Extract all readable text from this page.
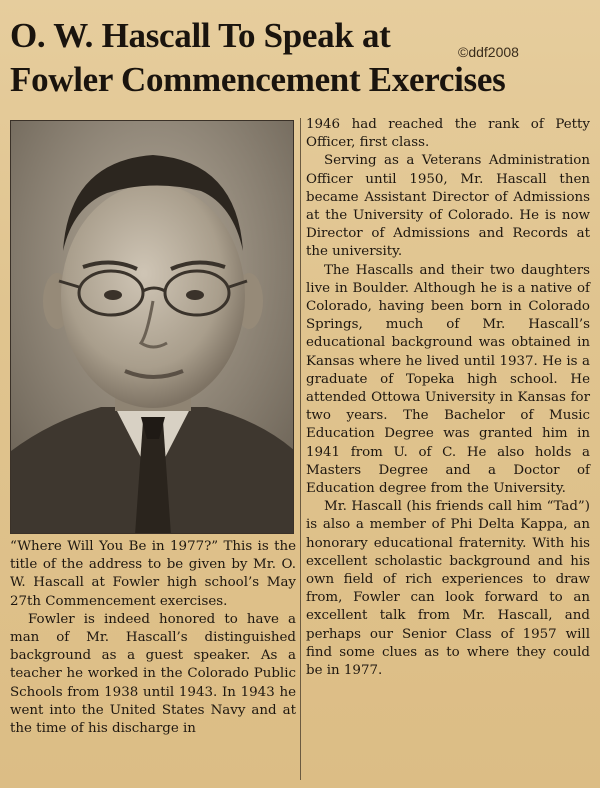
O. W. Hascall To Speak at
Fowler Commencement Exercises
©ddf2008

“Where Will You Be in 1977?” This is the title of the address to be given by Mr. O. W. Hascall at Fowler high school’s May 27th Commencement exercises.

Fowler is indeed honored to have a man of Mr. Hascall’s distinguished background as a guest speaker. As a teacher he worked in the Colorado Public Schools from 1938 until 1943. In 1943 he went into the United States Navy and at the time of his discharge in

1946 had reached the rank of Petty Officer, first class.

Serving as a Veterans Administration Officer until 1950, Mr. Hascall then became Assistant Director of Admissions at the University of Colorado. He is now Director of Admissions and Records at the university.

The Hascalls and their two daughters live in Boulder. Although he is a native of Colorado, having been born in Colorado Springs, much of Mr. Hascall’s educational background was obtained in Kansas where he lived until 1937. He is a graduate of Topeka high school. He attended Ottowa University in Kansas for two years. The Bachelor of Music Education Degree was granted him in 1941 from U. of C. He also holds a Masters Degree and a Doctor of Education degree from the University.

Mr. Hascall (his friends call him “Tad”) is also a member of Phi Delta Kappa, an honorary educational fraternity. With his excellent scholastic background and his own field of rich experiences to draw from, Fowler can look forward to an excellent talk from Mr. Hascall, and perhaps our Senior Class of 1957 will find some clues as to where they could be in 1977.
